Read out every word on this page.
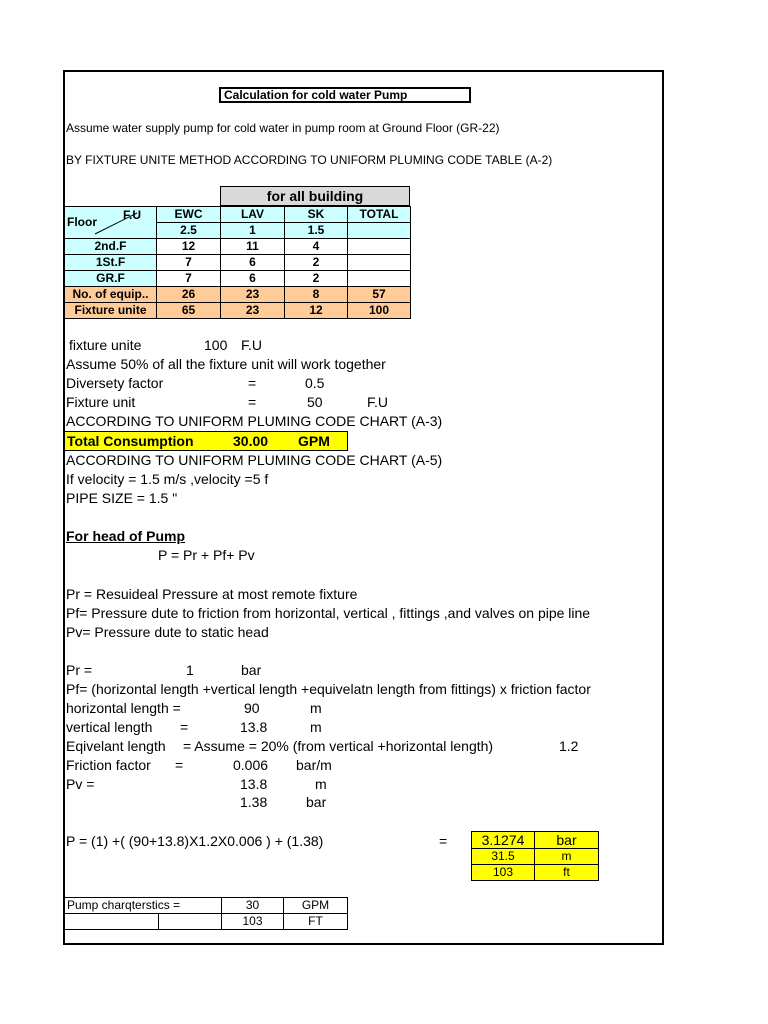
Calculation for cold water Pump
Assume water supply pump for cold water in pump room at Ground Floor (GR-22)
BY FIXTURE UNITE METHOD ACCORDING TO UNIFORM PLUMING CODE TABLE (A-2)
for all building
Floor F.U	EWC	LAV	SK	TOTAL
	2.5	1	1.5	
2nd.F	12	11	4	
1St.F	7	6	2	
GR.F	7	6	2	
No. of equip..	26	23	8	57
Fixture unite	65	23	12	100
fixture unite	100 F.U
Assume 50% of all the fixture unit will work together
Diversety factor	=	0.5
Fixture unit	=	50	F.U
ACCORDING TO UNIFORM PLUMING CODE CHART (A-3)
Total Consumption	30.00 GPM
ACCORDING TO UNIFORM PLUMING CODE CHART (A-5)
If velocity = 1.5 m/s ,velocity =5 f
PIPE SIZE = 1.5 "
For head of Pump
P = Pr + Pf+ Pv
Pr = Resuideal Pressure at most remote fixture
Pf= Pressure dute to friction from horizontal, vertical , fittings ,and valves on pipe line
Pv= Pressure dute to static head
Pr =	1	bar
Pf= (horizontal length +vertical length +equivelatn length from fittings) x friction factor
horizontal length =	90	m
vertical length =	13.8	m
Eqivelant length = Assume = 20% (from vertical +horizontal length)	1.2
Friction factor =	0.006 bar/m
Pv =	13.8	m
1.38	bar
P = (1) +( (90+13.8)X1.2X0.006 ) + (1.38)	= 3.1274	bar
31.5	m
103	ft
Pump charqterstics =		30	GPM
		103	FT
